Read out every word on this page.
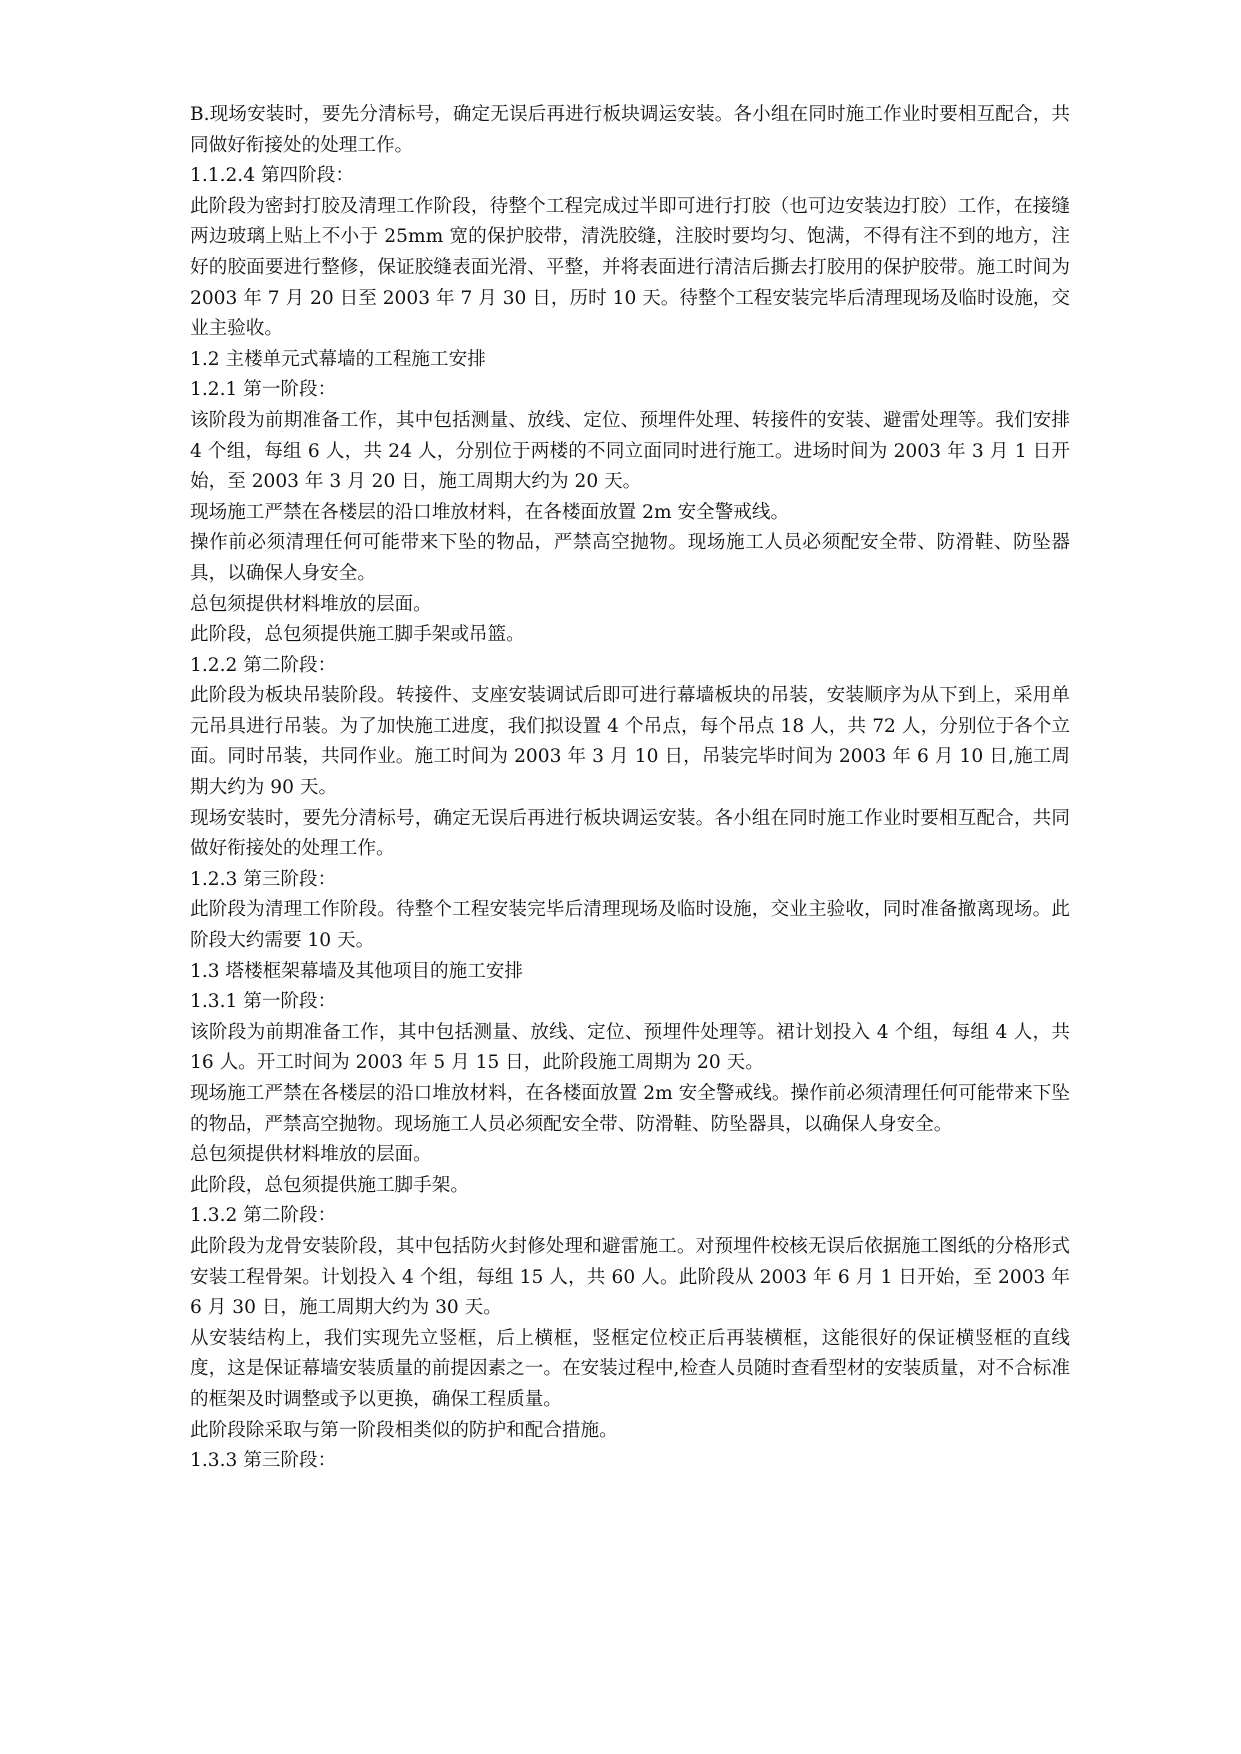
B.现场安装时，要先分清标号，确定无误后再进行板块调运安装。各小组在同时施工作业时要相互配合，共同做好衔接处的处理工作。

1.1.2.4 第四阶段：

此阶段为密封打胶及清理工作阶段，待整个工程完成过半即可进行打胶（也可边安装边打胶）工作，在接缝两边玻璃上贴上不小于 25mm 宽的保护胶带，清洗胶缝，注胶时要均匀、饱满，不得有注不到的地方，注好的胶面要进行整修，保证胶缝表面光滑、平整，并将表面进行清洁后撕去打胶用的保护胶带。施工时间为 2003 年 7 月 20 日至 2003 年 7 月 30 日，历时 10 天。待整个工程安装完毕后清理现场及临时设施，交业主验收。

1.2 主楼单元式幕墙的工程施工安排

1.2.1 第一阶段：

该阶段为前期准备工作，其中包括测量、放线、定位、预埋件处理、转接件的安装、避雷处理等。我们安排 4 个组，每组 6 人，共 24 人，分别位于两楼的不同立面同时进行施工。进场时间为 2003 年 3 月 1 日开始，至 2003 年 3 月 20 日，施工周期大约为 20 天。

现场施工严禁在各楼层的沿口堆放材料，在各楼面放置 2m 安全警戒线。

操作前必须清理任何可能带来下坠的物品，严禁高空抛物。现场施工人员必须配安全带、防滑鞋、防坠器具，以确保人身安全。

总包须提供材料堆放的层面。

此阶段，总包须提供施工脚手架或吊篮。

1.2.2 第二阶段：

此阶段为板块吊装阶段。转接件、支座安装调试后即可进行幕墙板块的吊装，安装顺序为从下到上，采用单元吊具进行吊装。为了加快施工进度，我们拟设置 4 个吊点，每个吊点 18 人，共 72 人，分别位于各个立面。同时吊装，共同作业。施工时间为 2003 年 3 月 10 日，吊装完毕时间为 2003 年 6 月 10 日,施工周期大约为 90 天。

现场安装时，要先分清标号，确定无误后再进行板块调运安装。各小组在同时施工作业时要相互配合，共同做好衔接处的处理工作。

1.2.3 第三阶段：

此阶段为清理工作阶段。待整个工程安装完毕后清理现场及临时设施，交业主验收，同时准备撤离现场。此阶段大约需要 10 天。

1.3 塔楼框架幕墙及其他项目的施工安排

1.3.1 第一阶段：

该阶段为前期准备工作，其中包括测量、放线、定位、预埋件处理等。裙计划投入 4 个组，每组 4 人，共 16 人。开工时间为 2003 年 5 月 15 日，此阶段施工周期为 20 天。

现场施工严禁在各楼层的沿口堆放材料，在各楼面放置 2m 安全警戒线。操作前必须清理任何可能带来下坠的物品，严禁高空抛物。现场施工人员必须配安全带、防滑鞋、防坠器具，以确保人身安全。

总包须提供材料堆放的层面。

此阶段，总包须提供施工脚手架。

1.3.2 第二阶段：

此阶段为龙骨安装阶段，其中包括防火封修处理和避雷施工。对预埋件校核无误后依据施工图纸的分格形式安装工程骨架。计划投入 4 个组，每组 15 人，共 60 人。此阶段从 2003 年 6 月 1 日开始，至 2003 年 6 月 30 日，施工周期大约为 30 天。

从安装结构上，我们实现先立竖框，后上横框，竖框定位校正后再装横框，这能很好的保证横竖框的直线度，这是保证幕墙安装质量的前提因素之一。在安装过程中,检查人员随时查看型材的安装质量，对不合标准的框架及时调整或予以更换，确保工程质量。

此阶段除采取与第一阶段相类似的防护和配合措施。

1.3.3 第三阶段：
